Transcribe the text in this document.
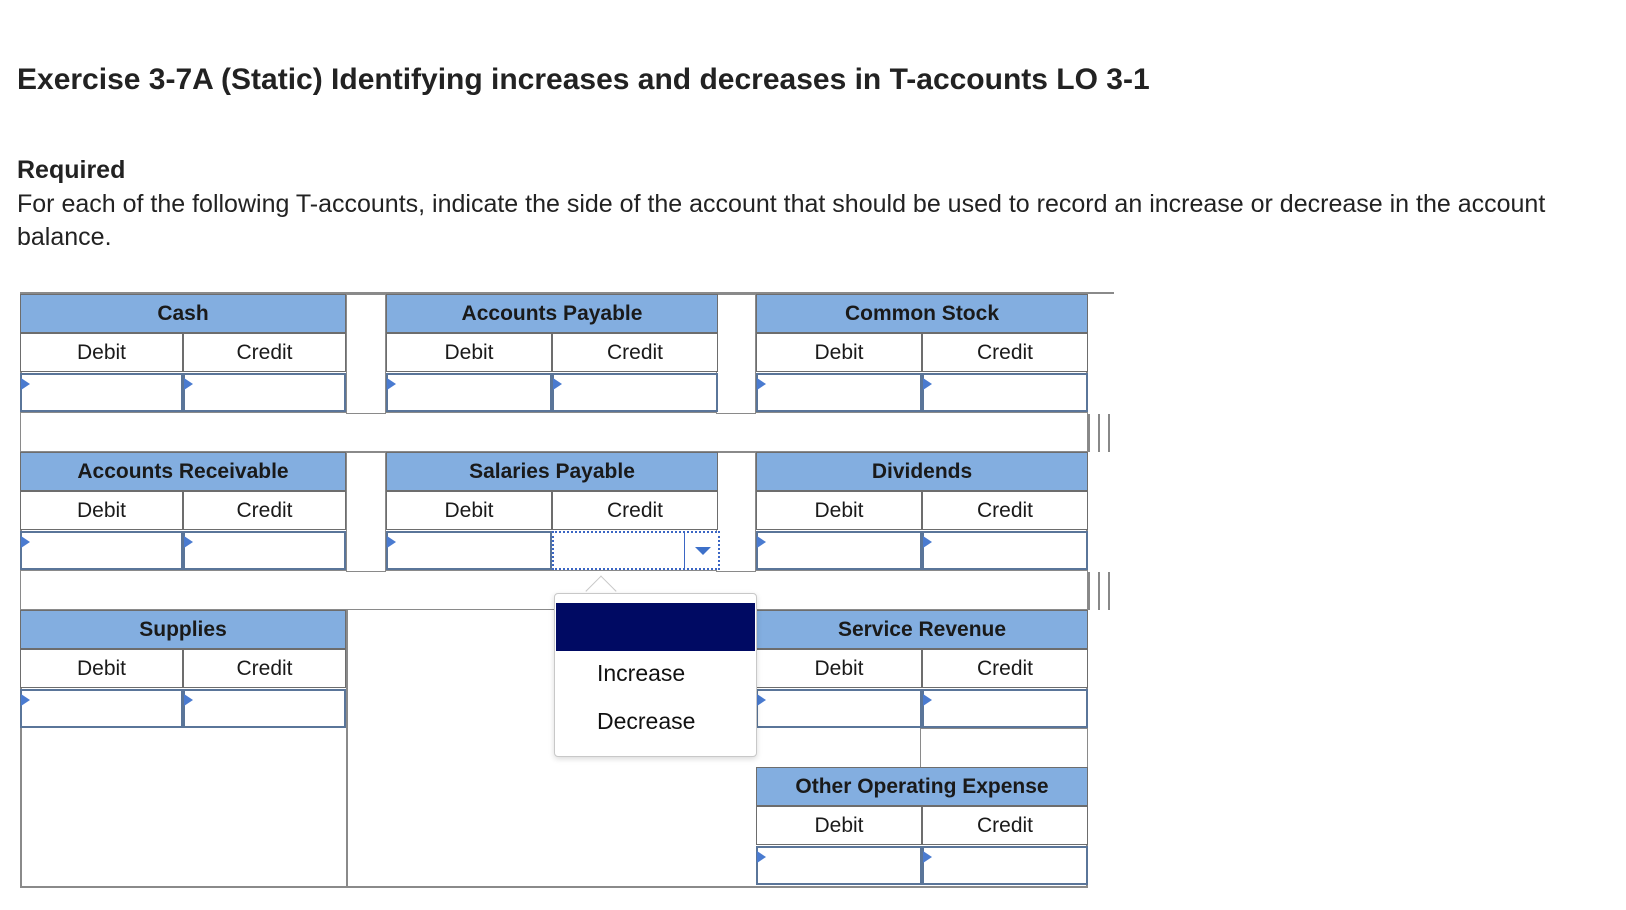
Exercise 3-7A (Static) Identifying increases and decreases in T-accounts LO 3-1
Required
For each of the following T-accounts, indicate the side of the account that should be used to record an increase or decrease in the account balance.
Cash
Debit	Credit
Accounts Payable
Debit	Credit
Common Stock
Debit	Credit
Accounts Receivable
Debit	Credit
Salaries Payable
Debit	Credit
Dividends
Debit	Credit
Supplies
Debit	Credit
Service Revenue
Debit	Credit
Other Operating Expense
Debit	Credit
Increase
Decrease
